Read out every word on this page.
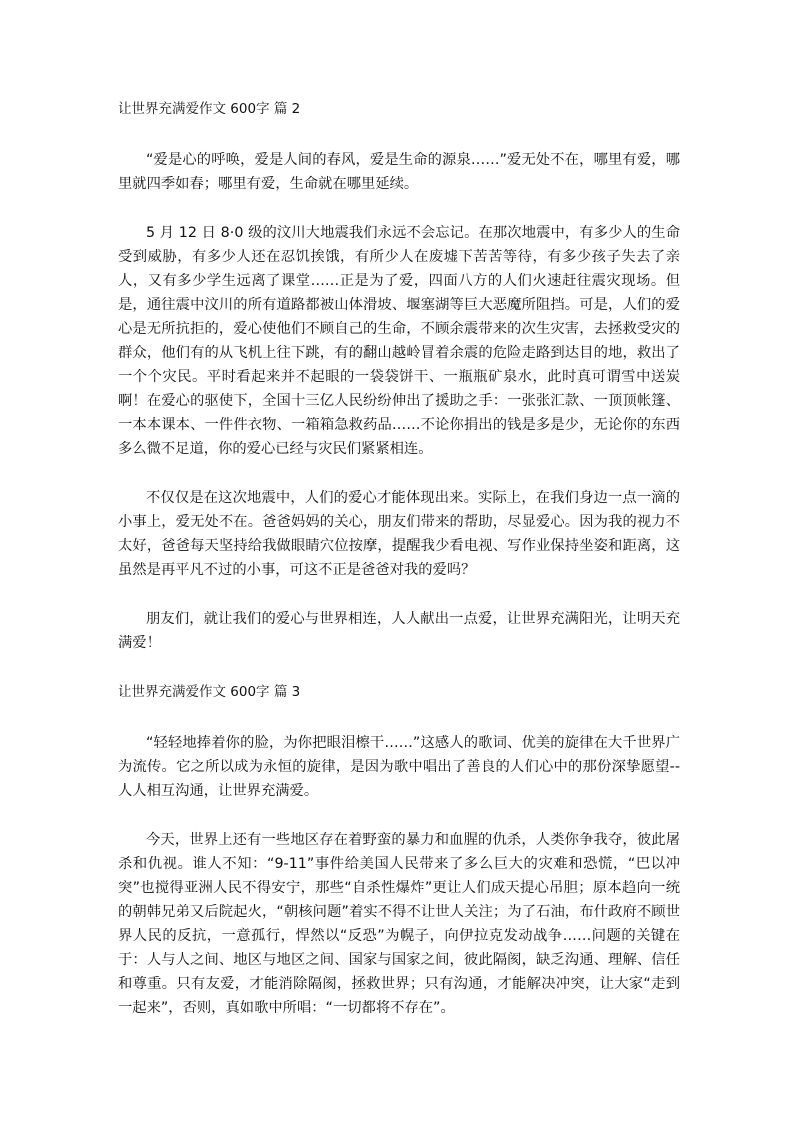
让世界充满爱作文 600字 篇 2

“爱是心的呼唤，爱是人间的春风，爱是生命的源泉……”爱无处不在，哪里有爱，哪里就四季如春；哪里有爱，生命就在哪里延续。

5 月 12 日 8·0 级的汶川大地震我们永远不会忘记。在那次地震中，有多少人的生命受到威胁，有多少人还在忍饥挨饿，有所少人在废墟下苦苦等待，有多少孩子失去了亲人，又有多少学生远离了课堂……正是为了爱，四面八方的人们火速赶往震灾现场。但是，通往震中汶川的所有道路都被山体滑坡、堰塞湖等巨大恶魔所阻挡。可是，人们的爱心是无所抗拒的，爱心使他们不顾自己的生命，不顾余震带来的次生灾害，去拯救受灾的群众，他们有的从飞机上往下跳，有的翻山越岭冒着余震的危险走路到达目的地，救出了一个个灾民。平时看起来并不起眼的一袋袋饼干、一瓶瓶矿泉水，此时真可谓雪中送炭啊！在爱心的驱使下，全国十三亿人民纷纷伸出了援助之手：一张张汇款、一顶顶帐篷、一本本课本、一件件衣物、一箱箱急救药品……不论你捐出的钱是多是少，无论你的东西多么微不足道，你的爱心已经与灾民们紧紧相连。

不仅仅是在这次地震中，人们的爱心才能体现出来。实际上，在我们身边一点一滴的小事上，爱无处不在。爸爸妈妈的关心，朋友们带来的帮助，尽显爱心。因为我的视力不太好，爸爸每天坚持给我做眼睛穴位按摩，提醒我少看电视、写作业保持坐姿和距离，这虽然是再平凡不过的小事，可这不正是爸爸对我的爱吗？

朋友们，就让我们的爱心与世界相连，人人献出一点爱，让世界充满阳光，让明天充满爱！

让世界充满爱作文 600字 篇 3

“轻轻地捧着你的脸，为你把眼泪檫干……”这感人的歌词、优美的旋律在大千世界广为流传。它之所以成为永恒的旋律，是因为歌中唱出了善良的人们心中的那份深挚愿望--人人相互沟通，让世界充满爱。

今天，世界上还有一些地区存在着野蛮的暴力和血腥的仇杀，人类你争我夺，彼此屠杀和仇视。谁人不知：“9-11”事件给美国人民带来了多么巨大的灾难和恐慌，“巴以冲突”也搅得亚洲人民不得安宁，那些“自杀性爆炸”更让人们成天提心吊胆；原本趋向一统的朝韩兄弟又后院起火，“朝核问题”着实不得不让世人关注；为了石油，布什政府不顾世界人民的反抗，一意孤行，悍然以“反恐”为幌子，向伊拉克发动战争……问题的关键在于：人与人之间、地区与地区之间、国家与国家之间，彼此隔阂，缺乏沟通、理解、信任和尊重。只有友爱，才能消除隔阂，拯救世界；只有沟通，才能解决冲突，让大家“走到一起来”，否则，真如歌中所唱：“一切都将不存在”。
